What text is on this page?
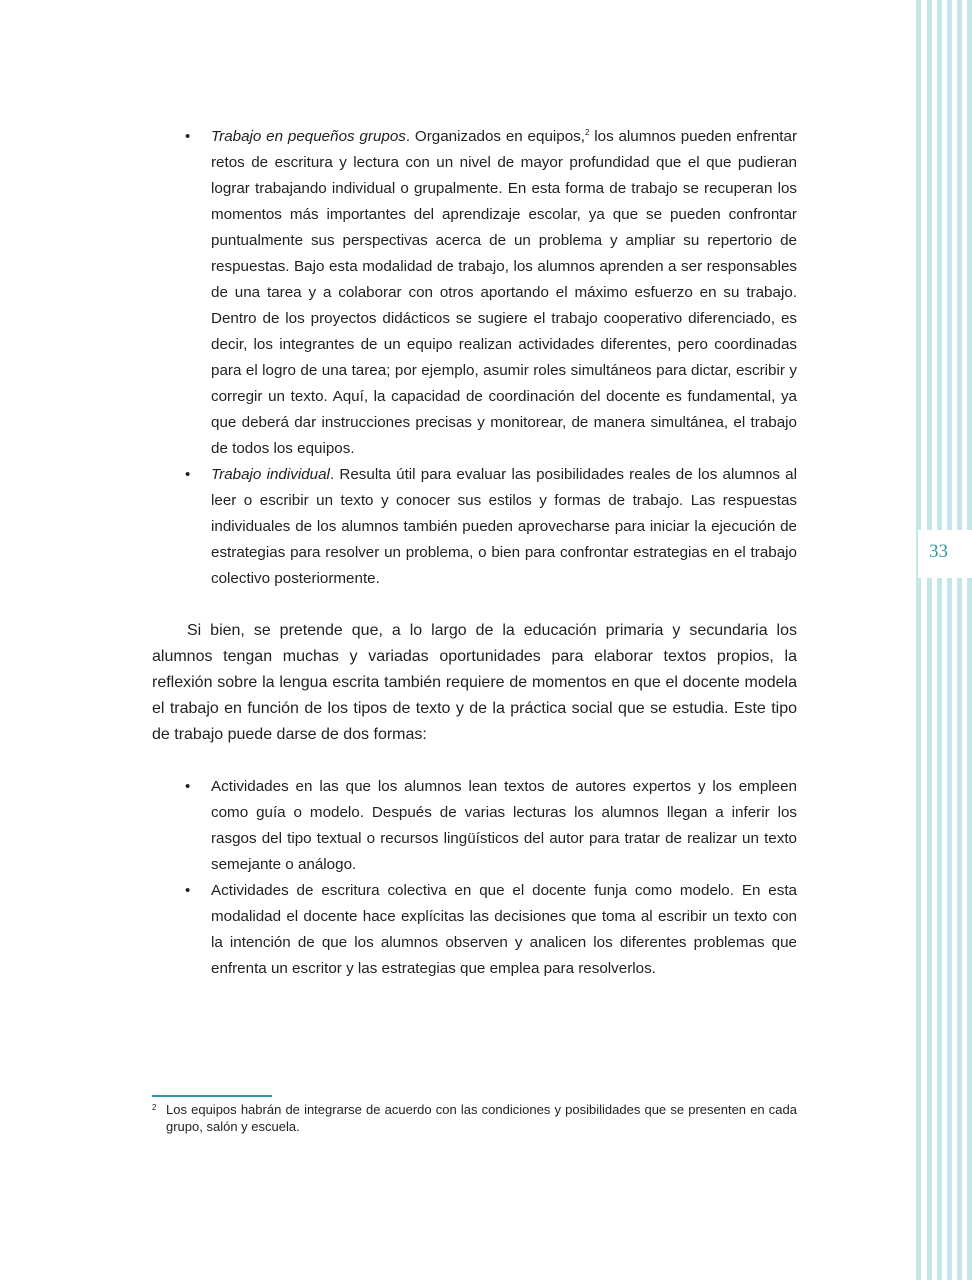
33
• Trabajo en pequeños grupos. Organizados en equipos,$^2$ los alumnos pueden enfrentar retos de escritura y lectura con un nivel de mayor profundidad que el que pudieran lograr trabajando individual o grupalmente. En esta forma de trabajo se recuperan los momentos más importantes del aprendizaje escolar, ya que se pueden confrontar puntualmente sus perspectivas acerca de un problema y ampliar su repertorio de respuestas. Bajo esta modalidad de trabajo, los alumnos aprenden a ser responsables de una tarea y a colaborar con otros aportando el máximo esfuerzo en su trabajo. Dentro de los proyectos didácticos se sugiere el trabajo cooperativo diferenciado, es decir, los integrantes de un equipo realizan actividades diferentes, pero coordinadas para el logro de una tarea; por ejemplo, asumir roles simultáneos para dictar, escribir y corregir un texto. Aquí, la capacidad de coordinación del docente es fundamental, ya que deberá dar instrucciones precisas y monitorear, de manera simultánea, el trabajo de todos los equipos.
• Trabajo individual. Resulta útil para evaluar las posibilidades reales de los alumnos al leer o escribir un texto y conocer sus estilos y formas de trabajo. Las respuestas individuales de los alumnos también pueden aprovecharse para iniciar la ejecución de estrategias para resolver un problema, o bien para confrontar estrategias en el trabajo colectivo posteriormente.

Si bien, se pretende que, a lo largo de la educación primaria y secundaria los alumnos tengan muchas y variadas oportunidades para elaborar textos propios, la reflexión sobre la lengua escrita también requiere de momentos en que el docente modela el trabajo en función de los tipos de texto y de la práctica social que se estudia. Este tipo de trabajo puede darse de dos formas:

• Actividades en las que los alumnos lean textos de autores expertos y los empleen como guía o modelo. Después de varias lecturas los alumnos llegan a inferir los rasgos del tipo textual o recursos lingüísticos del autor para tratar de realizar un texto semejante o análogo.
• Actividades de escritura colectiva en que el docente funja como modelo. En esta modalidad el docente hace explícitas las decisiones que toma al escribir un texto con la intención de que los alumnos observen y analicen los diferentes problemas que enfrenta un escritor y las estrategias que emplea para resolverlos.
2 Los equipos habrán de integrarse de acuerdo con las condiciones y posibilidades que se presenten en cada grupo, salón y escuela.
